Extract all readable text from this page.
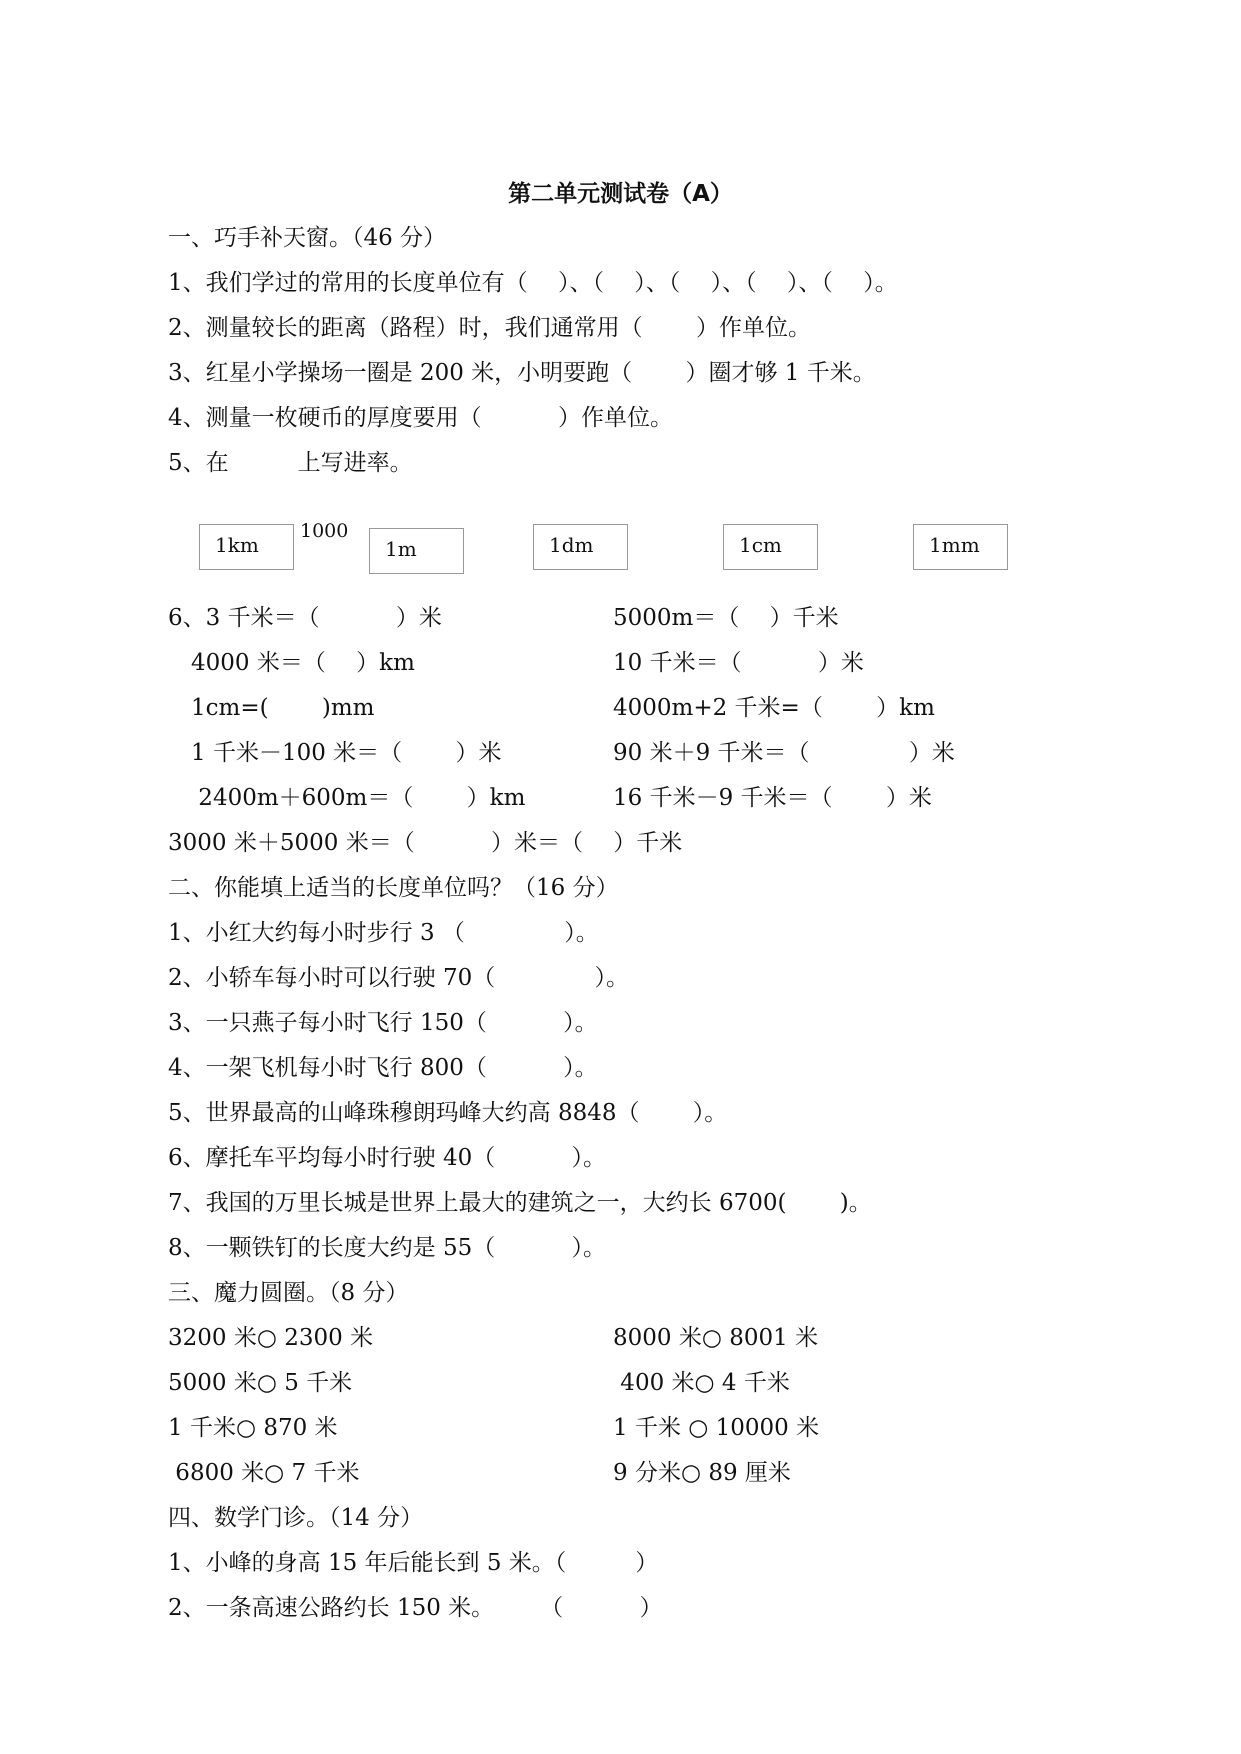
第二单元测试卷（A）
一、巧手补天窗。（46 分）
1、我们学过的常用的长度单位有（　 ）、（　 ）、（　 ）、（　 ）、（　 ）。
2、测量较长的距离（路程）时，我们通常用（　　 ）作单位。
3、红星小学操场一圈是 200 米，小明要跑（　　 ）圈才够 1 千米。
4、测量一枚硬币的厚度要用（　　　 ）作单位。
5、在　　　上写进率。
1km
1000
1m	1dm	1cm	1mm
6、3 千米＝（　　　 ）米	5000m＝（　 ）千米
　4000 米＝（　 ）km	10 千米＝（　　　 ）米
　1cm=(　　 )mm	4000m+2 千米=（　　 ）km
　1 千米－100 米＝（　　 ）米	90 米＋9 千米＝（　　　　 ）米
　 2400m＋600m＝（　　 ）km	16 千米－9 千米＝（　　 ）米
3000 米＋5000 米＝（　　　 ）米＝（　 ）千米
二、你能填上适当的长度单位吗？（16 分）
1、小红大约每小时步行 3 （　　　　 ）。
2、小轿车每小时可以行驶 70（　　　　 ）。
3、一只燕子每小时飞行 150（　　　 ）。
4、一架飞机每小时飞行 800（　　　 ）。
5、世界最高的山峰珠穆朗玛峰大约高 8848（　　 ）。
6、摩托车平均每小时行驶 40（　　　 ）。
7、我国的万里长城是世界上最大的建筑之一，大约长 6700(　　 )。
8、一颗铁钉的长度大约是 55（　　　 ）。
三、魔力圆圈。（8 分）
3200 米○ 2300 米	8000 米○ 8001 米
5000 米○ 5 千米	400 米○ 4 千米
1 千米○ 870 米	1 千米 ○ 10000 米
6800 米○ 7 千米	9 分米○ 89 厘米
四、数学门诊。（14 分）
1、小峰的身高 15 年后能长到 5 米。（　　　）
2、一条高速公路约长 150 米。　　　（　　　 ）
